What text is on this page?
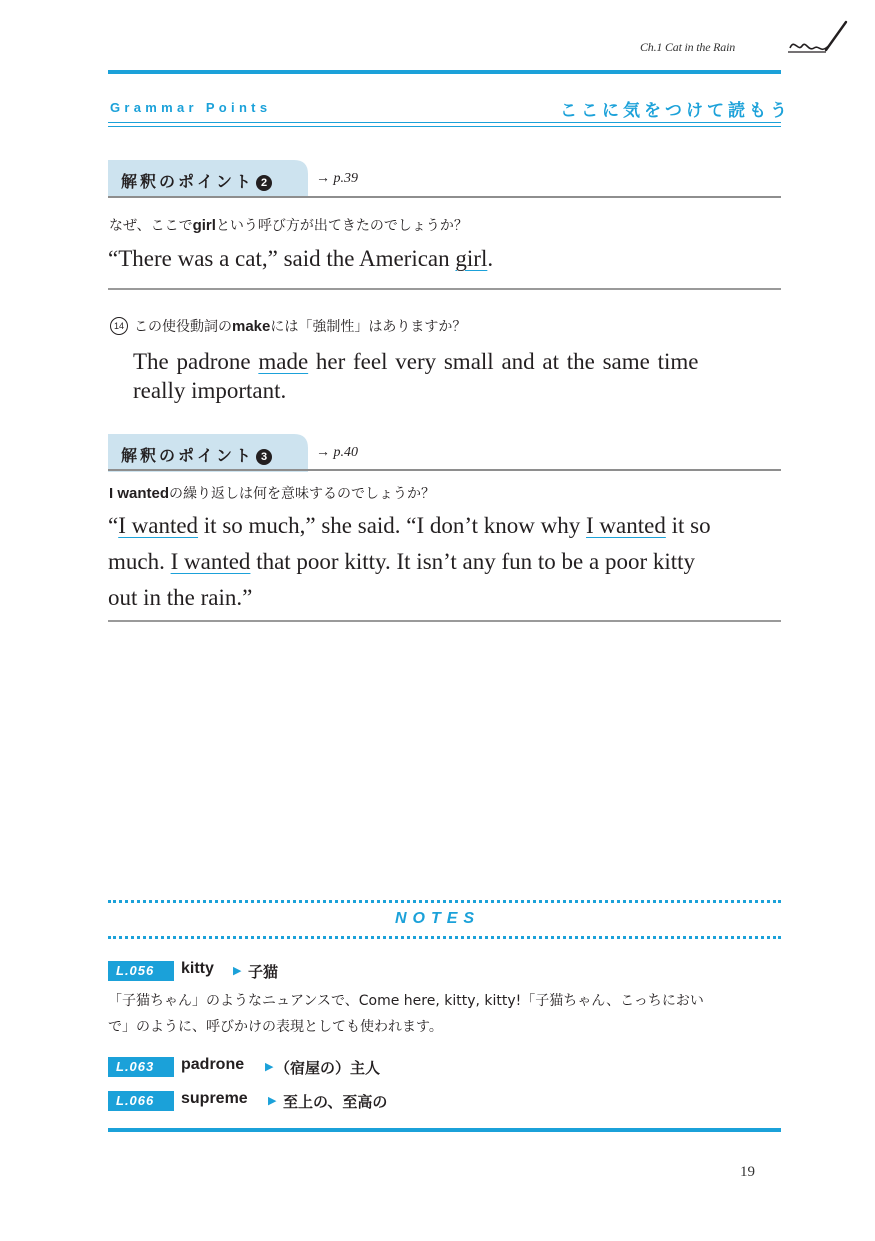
Ch.1 Cat in the Rain
Grammar Points	ここに気をつけて読もう
解釈のポイント 2	→ p.39
なぜ、ここでgirlという呼び方が出てきたのでしょうか？
“There was a cat,” said the American girl.
14 この使役動詞のmakeには「強制性」はありますか？
The padrone made her feel very small and at the same time
really important.
解釈のポイント 3	→ p.40
I wantedの繰り返しは何を意味するのでしょうか？
“I wanted it so much,” she said. “I don’t know why I wanted it so
much. I wanted that poor kitty. It isn’t any fun to be a poor kitty
out in the rain.”
NOTES
L.056	kitty ▶ 子猫
「子猫ちゃん」のようなニュアンスで、Come here, kitty, kitty!「子猫ちゃん、こっちにおい
で」のように、呼びかけの表現としても使われます。
L.063	padrone ▶ （宿屋の）主人
L.066	supreme ▶ 至上の、至高の
19
